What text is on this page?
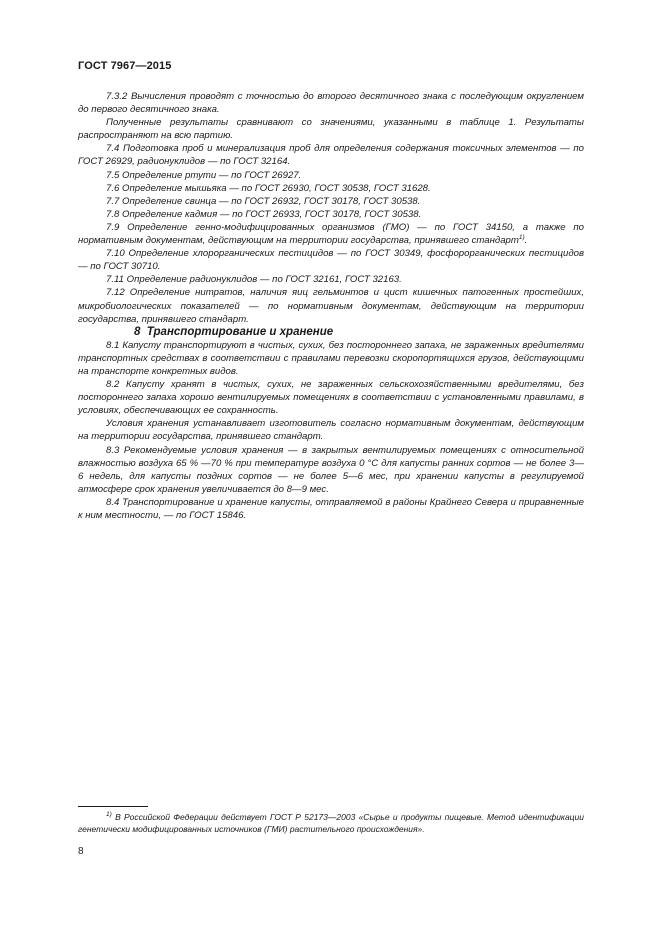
ГОСТ 7967—2015

7.3.2 Вычисления проводят с точностью до второго десятичного знака с последующим округлением до первого десятичного знака.

Полученные результаты сравнивают со значениями, указанными в таблице 1. Результаты распространяют на всю партию.

7.4 Подготовка проб и минерализация проб для определения содержания токсичных элементов — по ГОСТ 26929, радионуклидов — по ГОСТ 32164.

7.5 Определение ртути — по ГОСТ 26927.

7.6 Определение мышьяка — по ГОСТ 26930, ГОСТ 30538, ГОСТ 31628.

7.7 Определение свинца — по ГОСТ 26932, ГОСТ 30178, ГОСТ 30538.

7.8 Определение кадмия — по ГОСТ 26933, ГОСТ 30178, ГОСТ 30538.

7.9 Определение генно-модифицированных организмов (ГМО) — по ГОСТ 34150, а также по нормативным документам, действующим на территории государства, принявшего стандарт$^{1)}$.

7.10 Определение хлорорганических пестицидов — по ГОСТ 30349, фосфорорганических пестицидов — по ГОСТ 30710.

7.11 Определение радионуклидов — по ГОСТ 32161, ГОСТ 32163.

7.12 Определение нитратов, наличия яиц гельминтов и цист кишечных патогенных простейших, микробиологических показателей — по нормативным документам, действующим на территории государства, принявшего стандарт.

8 Транспортирование и хранение

8.1 Капусту транспортируют в чистых, сухих, без постороннего запаха, не зараженных вредителями транспортных средствах в соответствии с правилами перевозки скоропортящихся грузов, действующими на транспорте конкретных видов.

8.2 Капусту хранят в чистых, сухих, не зараженных сельскохозяйственными вредителями, без постороннего запаха хорошо вентилируемых помещениях в соответствии с установленными правилами, в условиях, обеспечивающих ее сохранность.

Условия хранения устанавливает изготовитель согласно нормативным документам, действующим на территории государства, принявшего стандарт.

8.3 Рекомендуемые условия хранения — в закрытых вентилируемых помещениях с относительной влажностью воздуха 65 % —70 % при температуре воздуха 0 °С для капусты ранних сортов — не более 3—6 недель, для капусты поздних сортов — не более 5—6 мес, при хранении капусты в регулируемой атмосфере срок хранения увеличивается до 8—9 мес.

8.4 Транспортирование и хранение капусты, отправляемой в районы Крайнего Севера и приравненные к ним местности, — по ГОСТ 15846.

$^{1)}$ В Российской Федерации действует ГОСТ Р 52173—2003 «Сырье и продукты пищевые. Метод идентификации генетически модифицированных источников (ГМИ) растительного происхождения».
8
